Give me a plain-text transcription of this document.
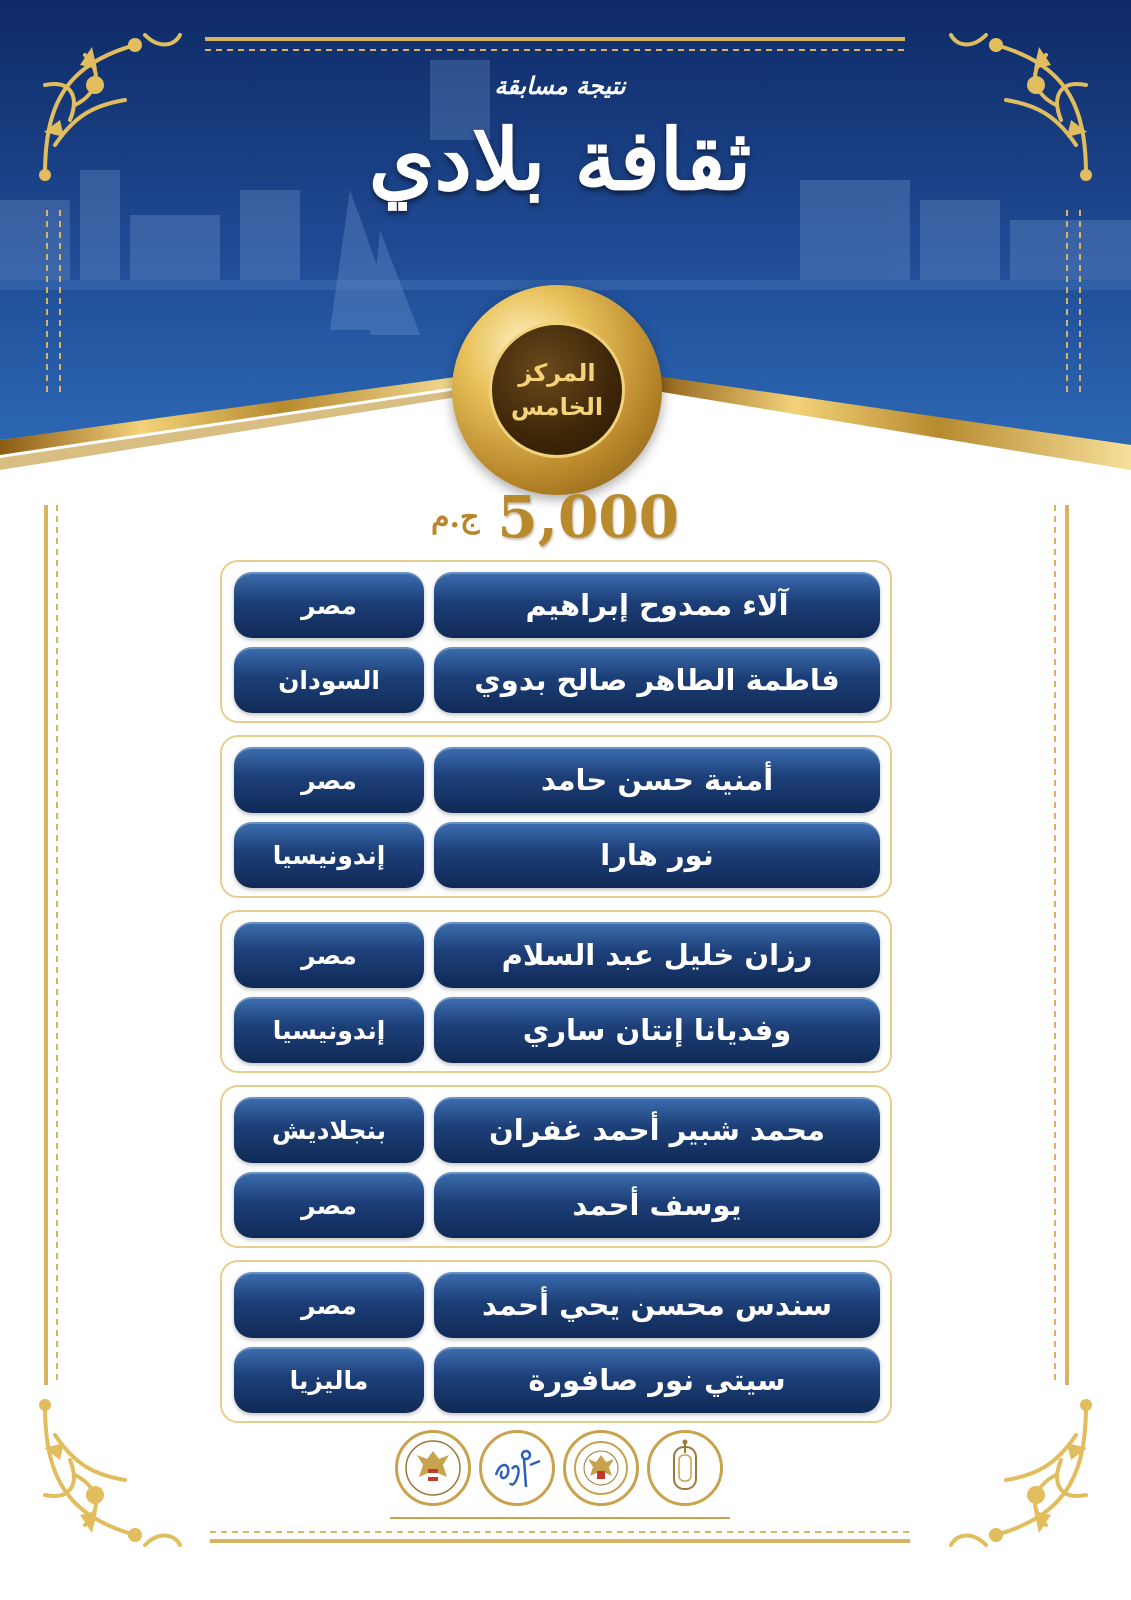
نتيجة مسابقة
ثقافة بلادي
المركز
الخامس
ج.م 5,000
آلاء ممدوح إبراهيم
مصر
فاطمة الطاهر صالح بدوي
السودان
أمنية حسن حامد
مصر
نور هارا
إندونيسيا
رزان خليل عبد السلام
مصر
وفديانا إنتان ساري
إندونيسيا
محمد شبير أحمد غفران
بنجلاديش
يوسف أحمد
مصر
سندس محسن يحي أحمد
مصر
سيتي نور صافورة
ماليزيا
